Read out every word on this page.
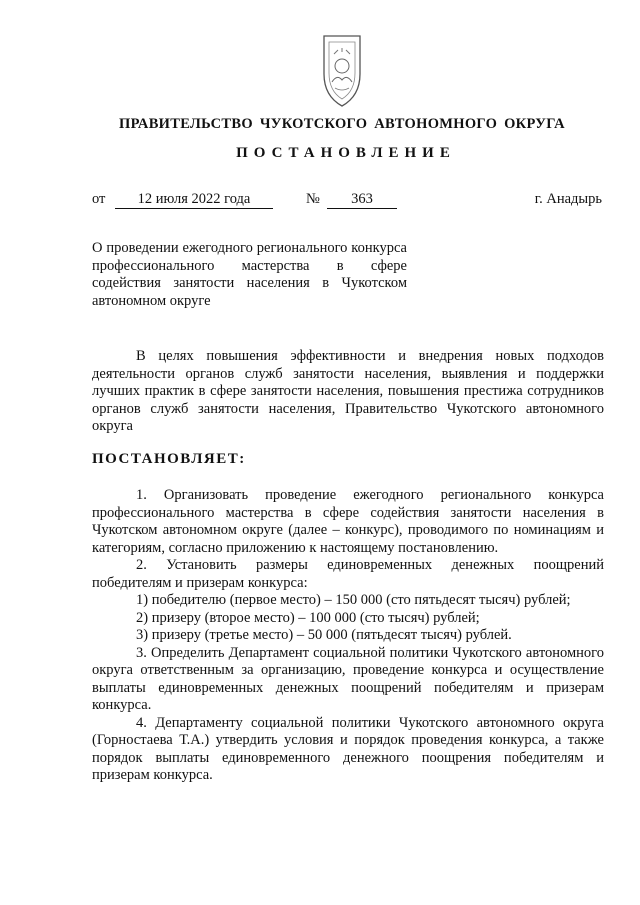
ПРАВИТЕЛЬСТВО ЧУКОТСКОГО АВТОНОМНОГО ОКРУГА
ПОСТАНОВЛЕНИЕ
от	12 июля 2022 года	№	363	г. Анадырь
О проведении ежегодного регионального конкурса профессионального мастерства в сфере содействия занятости населения в Чукотском автономном округе
В целях повышения эффективности и внедрения новых подходов деятельности органов служб занятости населения, выявления и поддержки лучших практик в сфере занятости населения, повышения престижа сотрудников органов служб занятости населения, Правительство Чукотского автономного округа
ПОСТАНОВЛЯЕТ:

1. Организовать проведение ежегодного регионального конкурса профессионального мастерства в сфере содействия занятости населения в Чукотском автономном округе (далее – конкурс), проводимого по номинациям и категориям, согласно приложению к настоящему постановлению.

2. Установить размеры единовременных денежных поощрений победителям и призерам конкурса:

1) победителю (первое место) – 150 000 (сто пятьдесят тысяч) рублей;

2) призеру (второе место) – 100 000 (сто тысяч) рублей;

3) призеру (третье место) – 50 000 (пятьдесят тысяч) рублей.

3. Определить Департамент социальной политики Чукотского автономного округа ответственным за организацию, проведение конкурса и осуществление выплаты единовременных денежных поощрений победителям и призерам конкурса.

4. Департаменту социальной политики Чукотского автономного округа (Горностаева Т.А.) утвердить условия и порядок проведения конкурса, а также порядок выплаты единовременного денежного поощрения победителям и призерам конкурса.
